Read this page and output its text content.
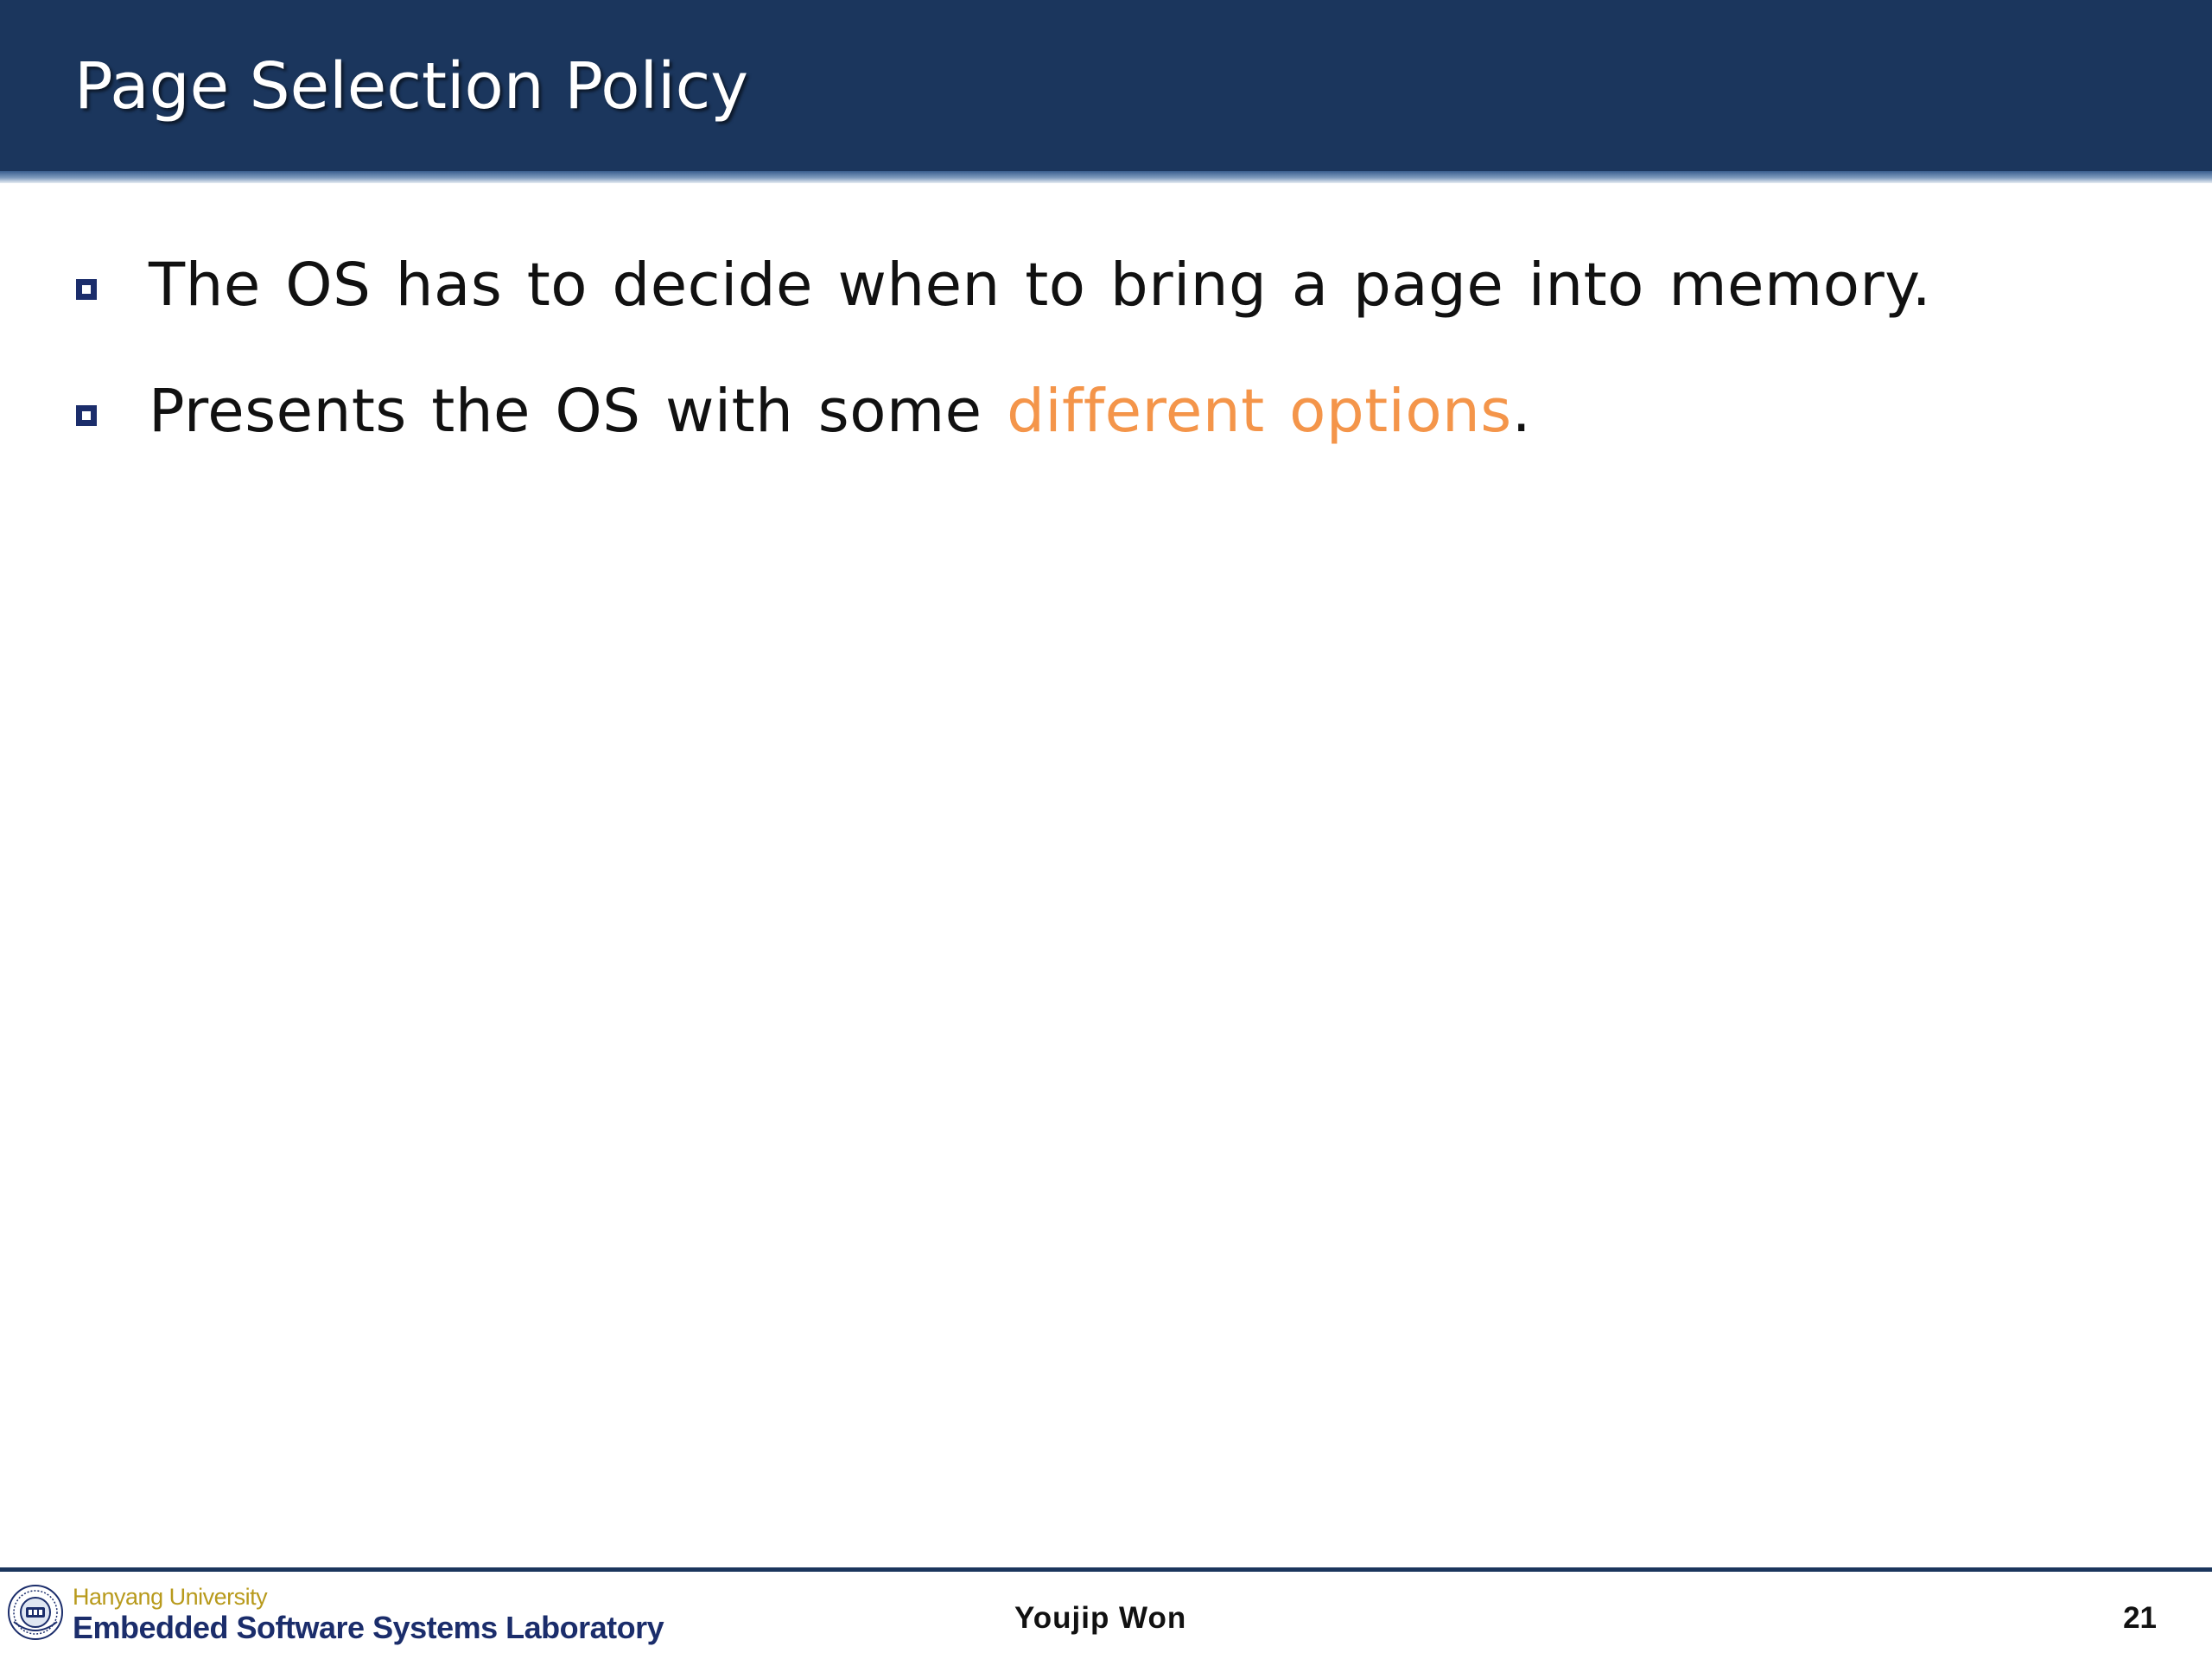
Page Selection Policy
The OS has to decide when to bring a page into memory.
Presents the OS with some different options.
Hanyang University
Embedded Software Systems Laboratory	Youjip Won	21
